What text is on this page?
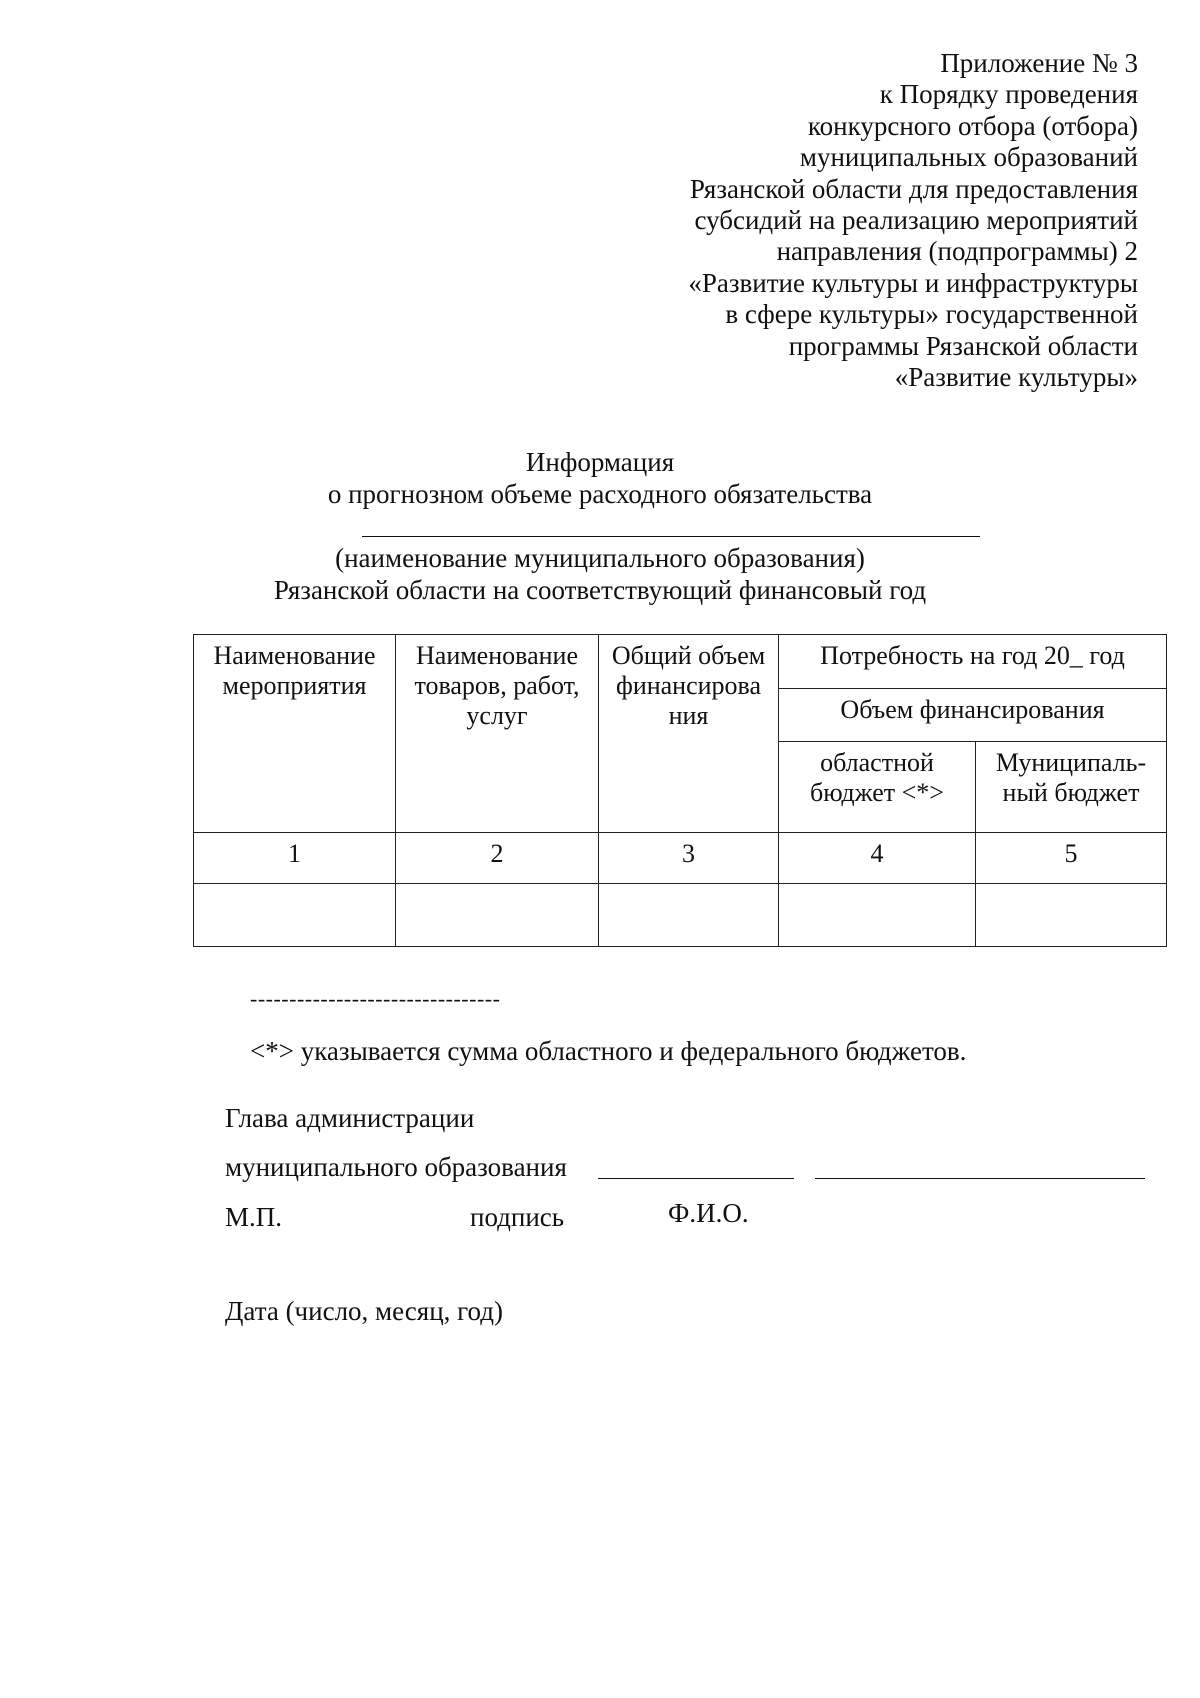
Приложение № 3
к Порядку проведения
конкурсного отбора (отбора)
муниципальных образований
Рязанской области для предоставления
субсидий на реализацию мероприятий
направления (подпрограммы) 2
«Развитие культуры и инфраструктуры
в сфере культуры» государственной
программы Рязанской области
«Развитие культуры»
Информация
о прогнозном объеме расходного обязательства
(наименование муниципального образования)
Рязанской области на соответствующий финансовый год
Наименование мероприятия	Наименование товаров, работ, услуг	Общий объем финансирова ния	Потребность на год 20_ год	
			Объем финансирования	
			областной бюджет <*>	Муниципаль-ный бюджет
1	2	3	4	5

--------------------------------
<*> указывается сумма областного и федерального бюджетов.
Глава администрации
муниципального образования
М.П.	подпись	Ф.И.О.
Дата (число, месяц, год)
